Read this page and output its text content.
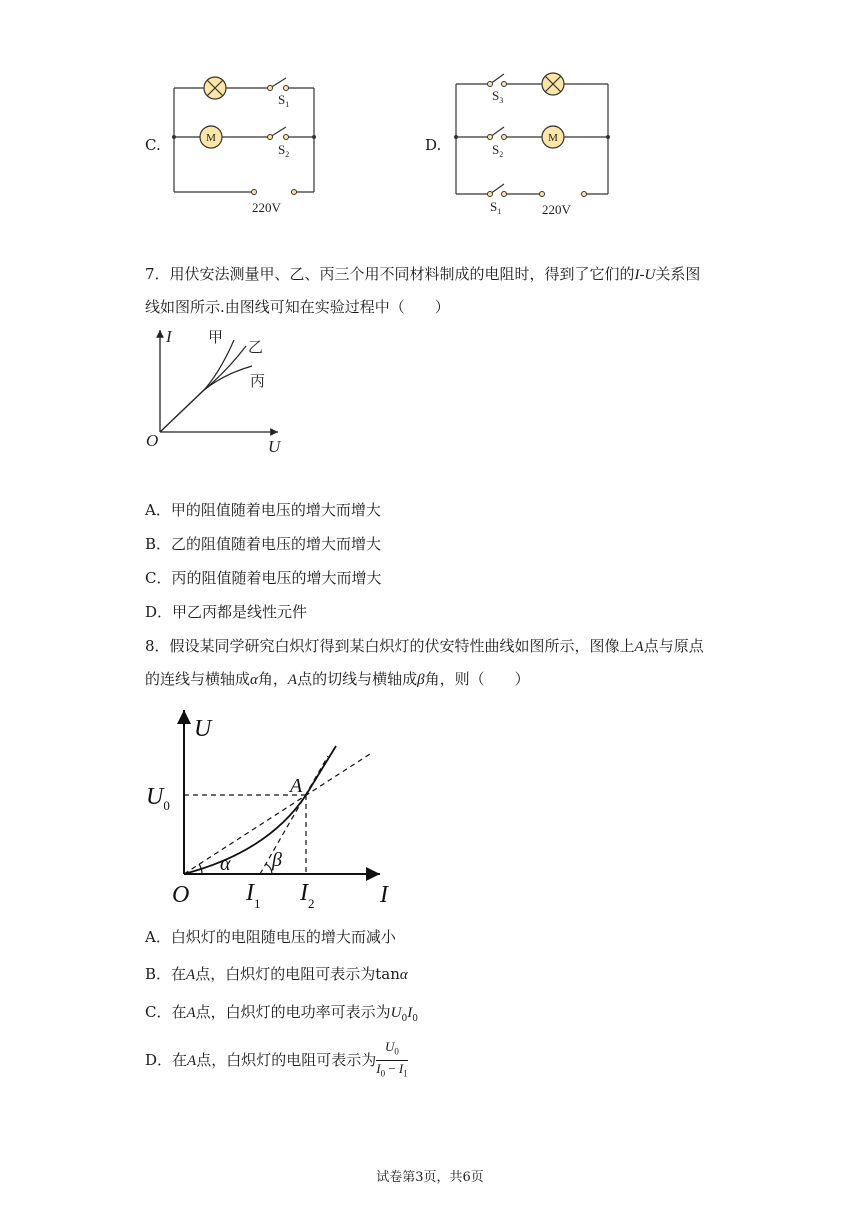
C.	M
$S_1$
$S_2$
220V
D.	M
$S_3$
$S_2$
$S_1$	220V
7．用伏安法测量甲、乙、丙三个用不同材料制成的电阻时，得到了它们的I-U关系图
线如图所示.由图线可知在实验过程中（　　）
I
U
O
甲
乙
丙
A．甲的阻值随着电压的增大而增大
B．乙的阻值随着电压的增大而增大
C．丙的阻值随着电压的增大而增大
D．甲乙丙都是线性元件
8．假设某同学研究白炽灯得到某白炽灯的伏安特性曲线如图所示，图像上A点与原点
的连线与横轴成α角，A点的切线与横轴成β角，则（　　）
U
I
O
A
$U_0$
$I_1$ $I_2$
α β
A．白炽灯的电阻随电压的增大而减小
B．在A点，白炽灯的电阻可表示为tanα
C．在A点，白炽灯的电功率可表示为$U_0I_0$
D．在A点，白炽灯的电阻可表示为 $\frac{U_0}{I_0 - I_1}$
试卷第3页，共6页
